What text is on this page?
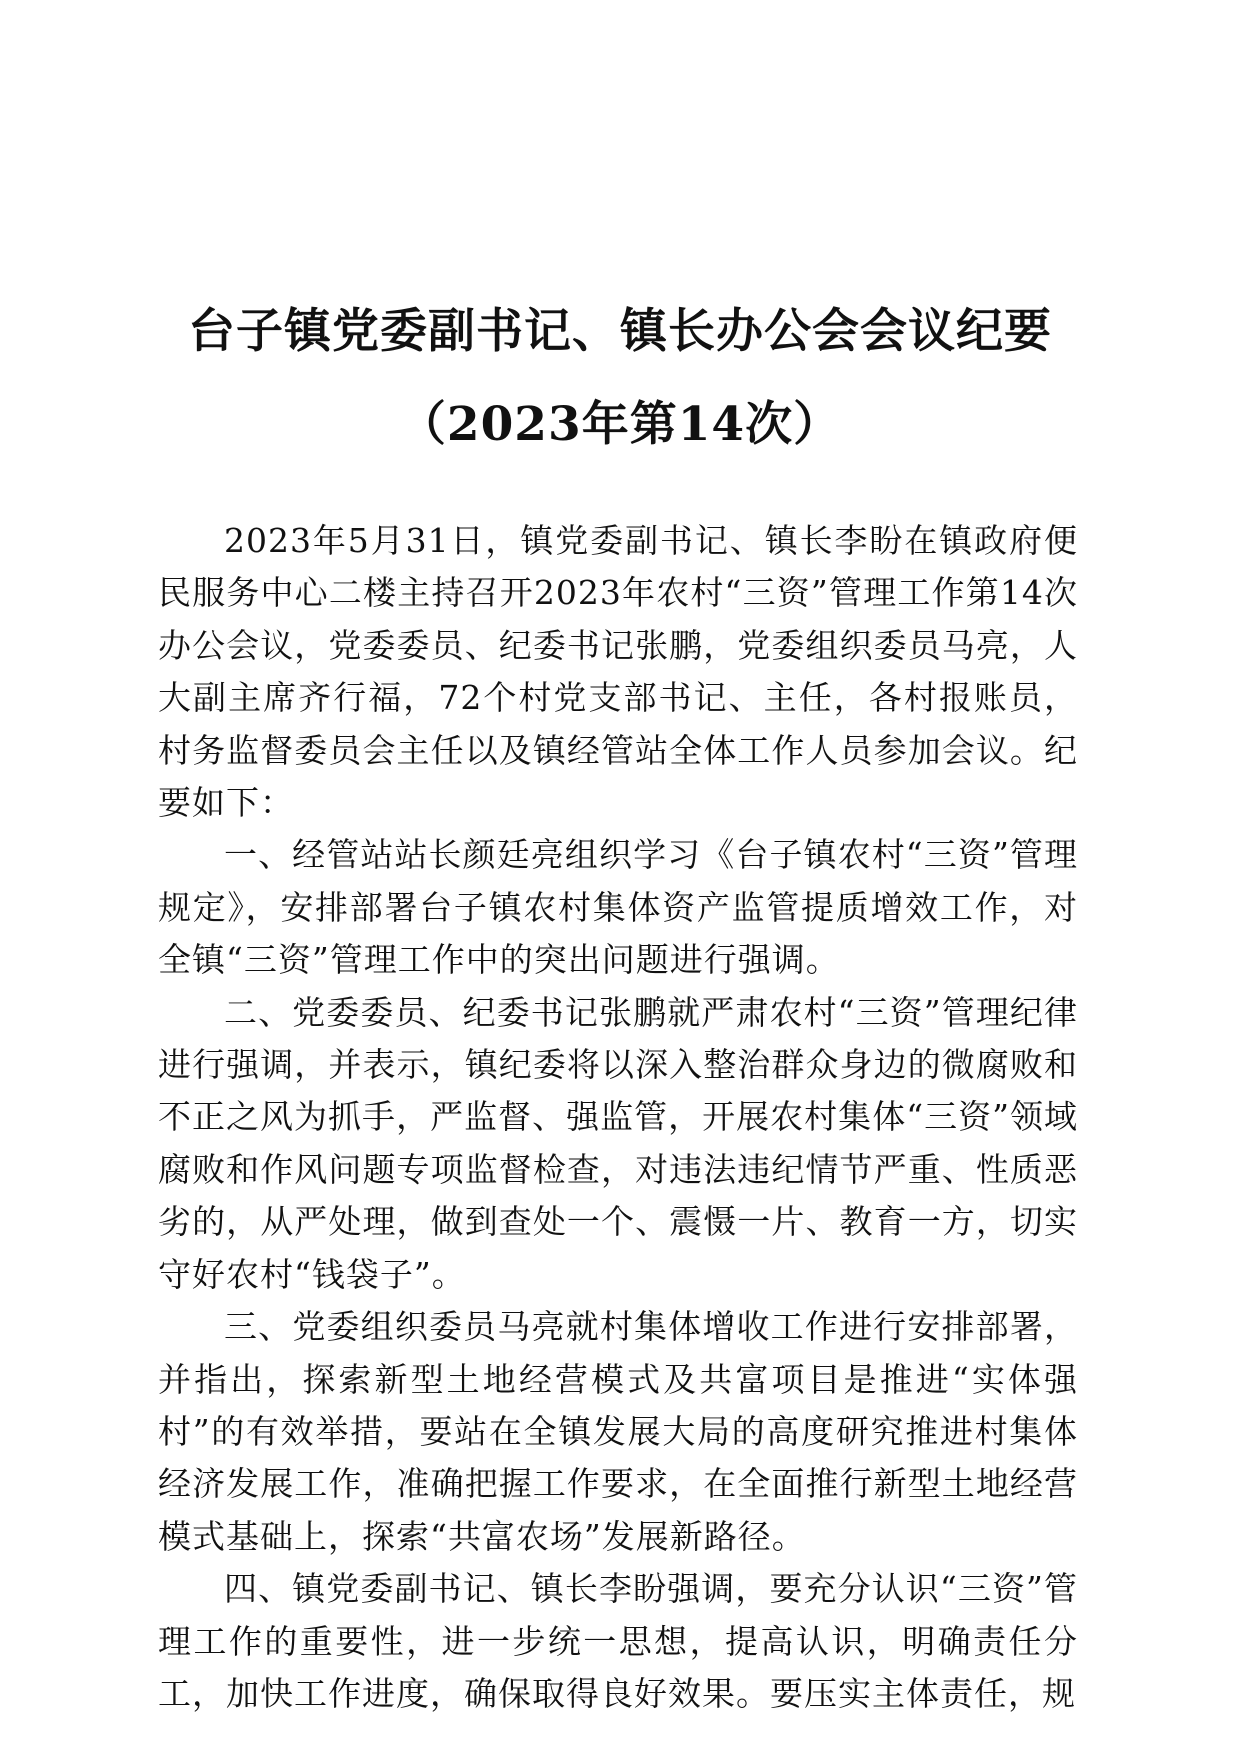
台子镇党委副书记、镇长办公会会议纪要
（2023年第14次）

2023年5月31日，镇党委副书记、镇长李盼在镇政府便民服务中心二楼主持召开2023年农村“三资”管理工作第14次办公会议，党委委员、纪委书记张鹏，党委组织委员马亮，人大副主席齐行福，72个村党支部书记、主任，各村报账员，村务监督委员会主任以及镇经管站全体工作人员参加会议。纪要如下：

一、经管站站长颜廷亮组织学习《台子镇农村“三资”管理规定》，安排部署台子镇农村集体资产监管提质增效工作，对全镇“三资”管理工作中的突出问题进行强调。

二、党委委员、纪委书记张鹏就严肃农村“三资”管理纪律进行强调，并表示，镇纪委将以深入整治群众身边的微腐败和不正之风为抓手，严监督、强监管，开展农村集体“三资”领域腐败和作风问题专项监督检查，对违法违纪情节严重、性质恶劣的，从严处理，做到查处一个、震慑一片、教育一方，切实守好农村“钱袋子”。

三、党委组织委员马亮就村集体增收工作进行安排部署，并指出，探索新型土地经营模式及共富项目是推进“实体强村”的有效举措，要站在全镇发展大局的高度研究推进村集体经济发展工作，准确把握工作要求，在全面推行新型土地经营模式基础上，探索“共富农场”发展新路径。

四、镇党委副书记、镇长李盼强调，要充分认识“三资”管理工作的重要性，进一步统一思想，提高认识，明确责任分工，加快工作进度，确保取得良好效果。要压实主体责任，规
